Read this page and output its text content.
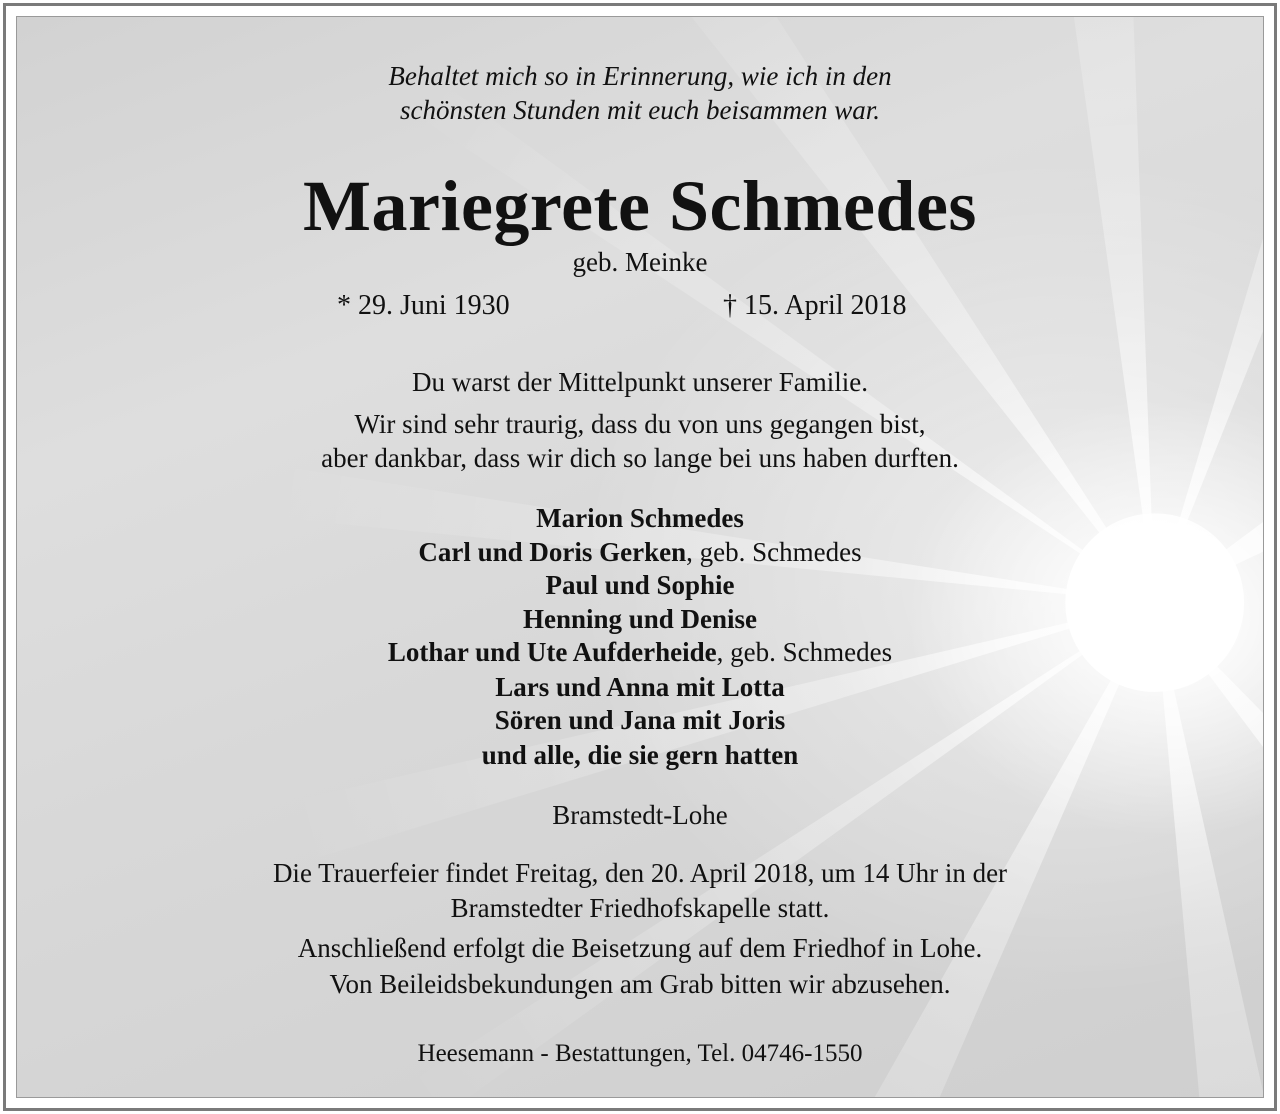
Behaltet mich so in Erinnerung, wie ich in den
schönsten Stunden mit euch beisammen war.
Mariegrete Schmedes
geb. Meinke
* 29. Juni 1930	† 15. April 2018
Du warst der Mittelpunkt unserer Familie.
Wir sind sehr traurig, dass du von uns gegangen bist,
aber dankbar, dass wir dich so lange bei uns haben durften.
Marion Schmedes
Carl und Doris Gerken, geb. Schmedes
Paul und Sophie
Henning und Denise
Lothar und Ute Aufderheide, geb. Schmedes
Lars und Anna mit Lotta
Sören und Jana mit Joris
und alle, die sie gern hatten
Bramstedt-Lohe
Die Trauerfeier findet Freitag, den 20. April 2018, um 14 Uhr in der
Bramstedter Friedhofskapelle statt.
Anschließend erfolgt die Beisetzung auf dem Friedhof in Lohe.
Von Beileidsbekundungen am Grab bitten wir abzusehen.
Heesemann - Bestattungen, Tel. 04746-1550
